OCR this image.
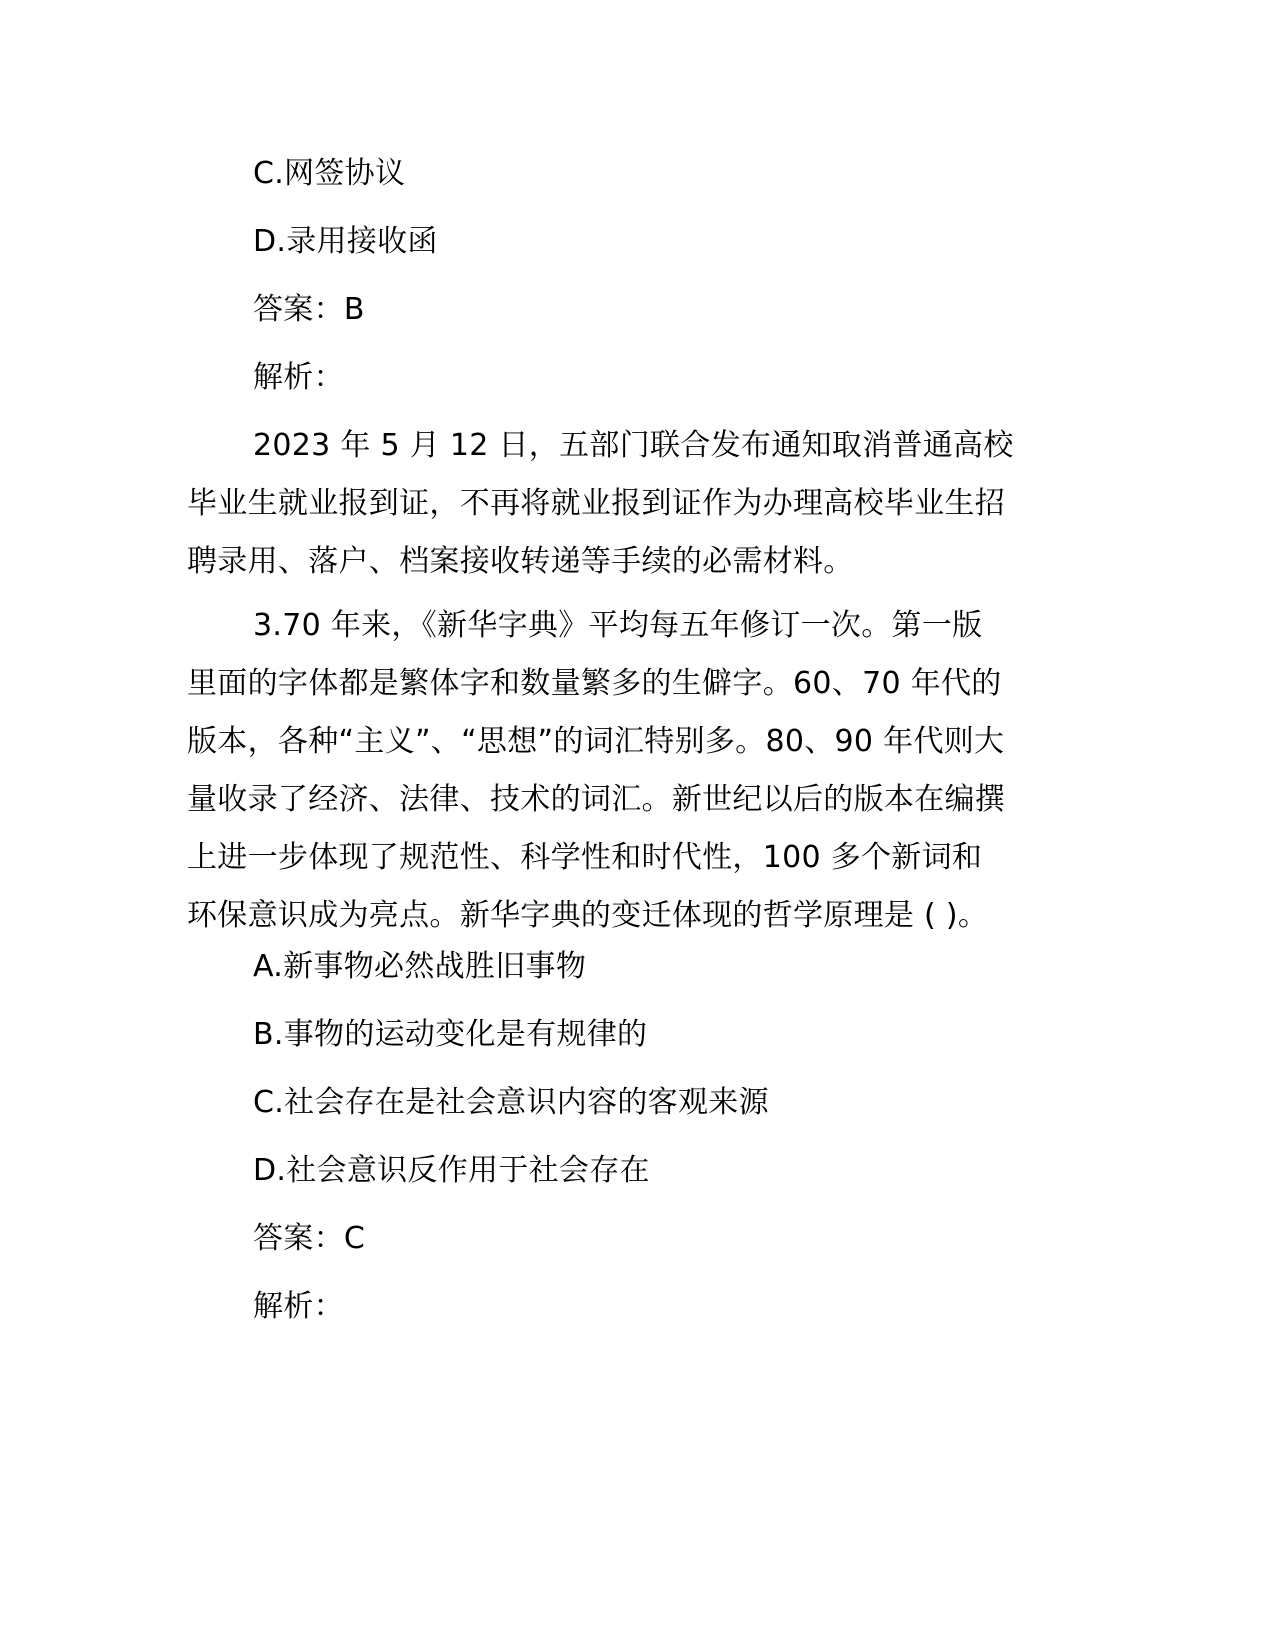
C.网签协议

D.录用接收函

答案：B

解析：

2023 年 5 月 12 日，五部门联合发布通知取消普通高校
毕业生就业报到证，不再将就业报到证作为办理高校毕业生招
聘录用、落户、档案接收转递等手续的必需材料。
3.70 年来，《新华字典》平均每五年修订一次。第一版
里面的字体都是繁体字和数量繁多的生僻字。60、70 年代的
版本，各种“主义”、“思想”的词汇特别多。80、90 年代则大
量收录了经济、法律、技术的词汇。新世纪以后的版本在编撰
上进一步体现了规范性、科学性和时代性，100 多个新词和
环保意识成为亮点。新华字典的变迁体现的哲学原理是 ( )。

A.新事物必然战胜旧事物

B.事物的运动变化是有规律的

C.社会存在是社会意识内容的客观来源

D.社会意识反作用于社会存在

答案：C

解析：
